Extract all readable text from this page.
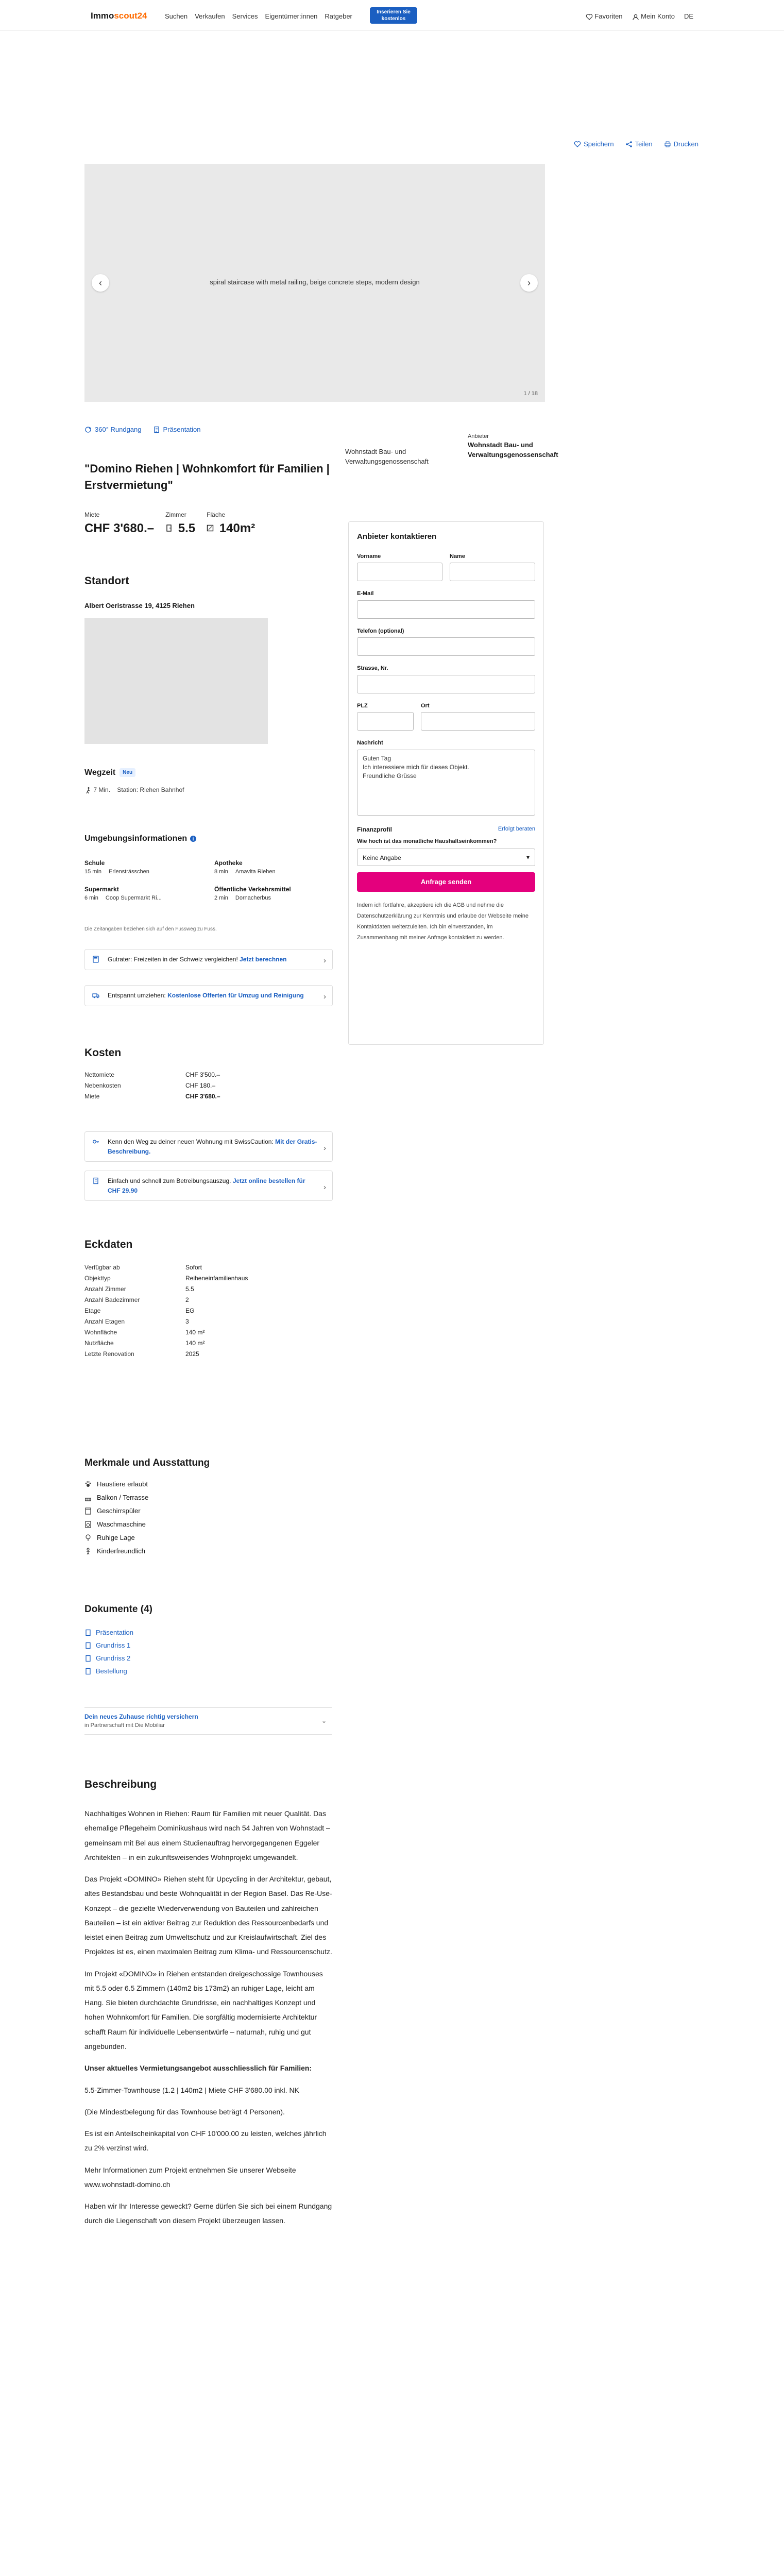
Immoscout24	Suchen Verkaufen Services Eigentümer:innen Ratgeber
Inserieren Sie kostenlos	Favoriten	Mein Konto DE
Speichern	Teilen	Drucken
spiral staircase with metal railing, beige concrete steps, modern design
‹	›
1 / 18
360° Rundgang	Präsentation
"Domino Riehen | Wohnkomfort für Familien | Erstvermietung"
Wohnstadt Bau- und Verwaltungsgenossenschaft
Anbieter
Wohnstadt Bau- und Verwaltungsgenossenschaft
Miete
CHF 3'680.–
Zimmer
5.5
Fläche
140m²
Standort
Albert Oeristrasse 19, 4125 Riehen
Wegzeit Neu
7 Min. Station: Riehen Bahnhof
Anbieter kontaktieren
Vorname	Name
E-Mail
Telefon (optional)
Strasse, Nr.
PLZ	Ort
Nachricht
Guten Tag
Ich interessiere mich für dieses Objekt.
Freundliche Grüsse
Finanzprofil	Erfolgt beraten
Wie hoch ist das monatliche Haushaltseinkommen?
Keine Angabe ▾
Anfrage senden
Indem ich fortfahre, akzeptiere ich die AGB und nehme die Datenschutzerklärung zur Kenntnis und erlaube der Webseite meine Kontaktdaten weiterzuleiten. Ich bin einverstanden, im Zusammenhang mit meiner Anfrage kontaktiert zu werden.
Umgebungsinformationen
Schule
15 min Erlensträsschen
Apotheke
8 min Amavita Riehen
Supermarkt
6 min Coop Supermarkt Ri...
Öffentliche Verkehrsmittel
2 min Dornacherbus
Die Zeitangaben beziehen sich auf den Fussweg zu Fuss.
Gutrater: Freizeiten in der Schweiz vergleichen! Jetzt berechnen	›
Entspannt umziehen: Kostenlose Offerten für Umzug und Reinigung	›
Kosten
Nettomiete	CHF 3'500.–
Nebenkosten	CHF 180.–
Miete	CHF 3'680.–
Kenn den Weg zu deiner neuen Wohnung mit SwissCaution: Mit der Gratis-Beschreibung.	›
Einfach und schnell zum Betreibungsauszug. Jetzt online bestellen für CHF 29.90	›
Eckdaten
Verfügbar ab	Sofort
Objekttyp	Reiheneinfamilienhaus
Anzahl Zimmer	5.5
Anzahl Badezimmer	2
Etage	EG
Anzahl Etagen	3
Wohnfläche	140 m²
Nutzfläche	140 m²
Letzte Renovation	2025
Merkmale und Ausstattung
Haustiere erlaubt
Balkon / Terrasse
Geschirrspüler
Waschmaschine
Ruhige Lage
Kinderfreundlich
Dokumente (4)
Präsentation
Grundriss 1
Grundriss 2
Bestellung
Dein neues Zuhause richtig versichern
in Partnerschaft mit Die Mobiliar
⌄
Beschreibung

Nachhaltiges Wohnen in Riehen: Raum für Familien mit neuer Qualität. Das ehemalige Pflegeheim Dominikushaus wird nach 54 Jahren von Wohnstadt – gemeinsam mit Bel aus einem Studienauftrag hervorgegangenen Eggeler Architekten – in ein zukunftsweisendes Wohnprojekt umgewandelt.

Das Projekt «DOMINO» Riehen steht für Upcycling in der Architektur, gebaut, altes Bestandsbau und beste Wohnqualität in der Region Basel. Das Re-Use-Konzept – die gezielte Wiederverwendung von Bauteilen und zahlreichen Bauteilen – ist ein aktiver Beitrag zur Reduktion des Ressourcenbedarfs und leistet einen Beitrag zum Umweltschutz und zur Kreislaufwirtschaft. Ziel des Projektes ist es, einen maximalen Beitrag zum Klima- und Ressourcenschutz.

Im Projekt «DOMINO» in Riehen entstanden dreigeschossige Townhouses mit 5.5 oder 6.5 Zimmern (140m2 bis 173m2) an ruhiger Lage, leicht am Hang. Sie bieten durchdachte Grundrisse, ein nachhaltiges Konzept und hohen Wohnkomfort für Familien. Die sorgfältig modernisierte Architektur schafft Raum für individuelle Lebensentwürfe – naturnah, ruhig und gut angebunden.

Unser aktuelles Vermietungsangebot ausschliesslich für Familien:

5.5-Zimmer-Townhouse (1.2 | 140m2 | Miete CHF 3'680.00 inkl. NK

(Die Mindestbelegung für das Townhouse beträgt 4 Personen).

Es ist ein Anteilscheinkapital von CHF 10'000.00 zu leisten, welches jährlich zu 2% verzinst wird.

Mehr Informationen zum Projekt entnehmen Sie unserer Webseite www.wohnstadt-domino.ch

Haben wir Ihr Interesse geweckt? Gerne dürfen Sie sich bei einem Rundgang durch die Liegenschaft von diesem Projekt überzeugen lassen.
